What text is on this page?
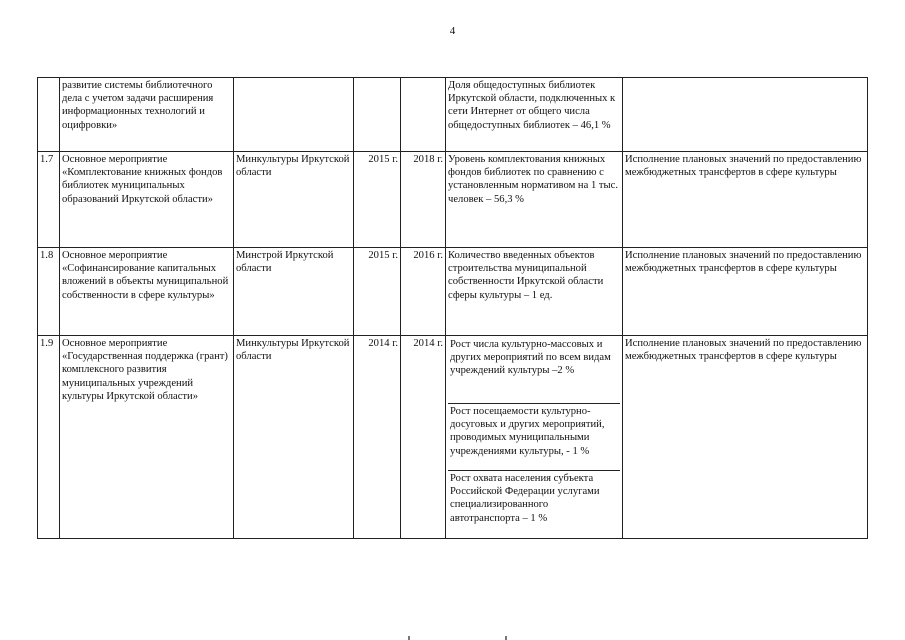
4
	развитие системы библиотечного дела с учетом задачи расширения информационных технологий и оцифровки»				Доля общедоступных библиотек Иркутской области, подключенных к сети Интернет от общего числа общедоступных библиотек – 46,1 %	
1.7	Основное мероприятие «Комплектование книжных фондов библиотек муниципальных образований Иркутской области»	Минкультуры Иркутской области	2015 г.	2018 г.	Уровень комплектования книжных фондов библиотек по сравнению с установленным нормативом на 1 тыс. человек – 56,3 %	Исполнение плановых значений по предоставлению межбюджетных трансфертов в сфере культуры
1.8	Основное мероприятие «Софинансирование капитальных вложений в объекты муниципальной собственности в сфере культуры»	Минстрой Иркутской области	2015 г.	2016 г.	Количество введенных объектов строительства муниципальной собственности Иркутской области сферы культуры – 1 ед.	Исполнение плановых значений по предоставлению межбюджетных трансфертов в сфере культуры
1.9	Основное мероприятие «Государственная поддержка (грант) комплексного развития муниципальных учреждений культуры Иркутской области»	Минкультуры Иркутской области	2014 г.	2014 г.	Рост числа культурно-массовых и других мероприятий по всем видам учреждений культуры –2 %
Рост посещаемости культурно-досуговых и других мероприятий, проводимых муниципальными учреждениями культуры, - 1 %
Рост охвата населения субъекта Российской Федерации услугами специализированного автотранспорта – 1 %	Исполнение плановых значений по предоставлению межбюджетных трансфертов в сфере культуры
